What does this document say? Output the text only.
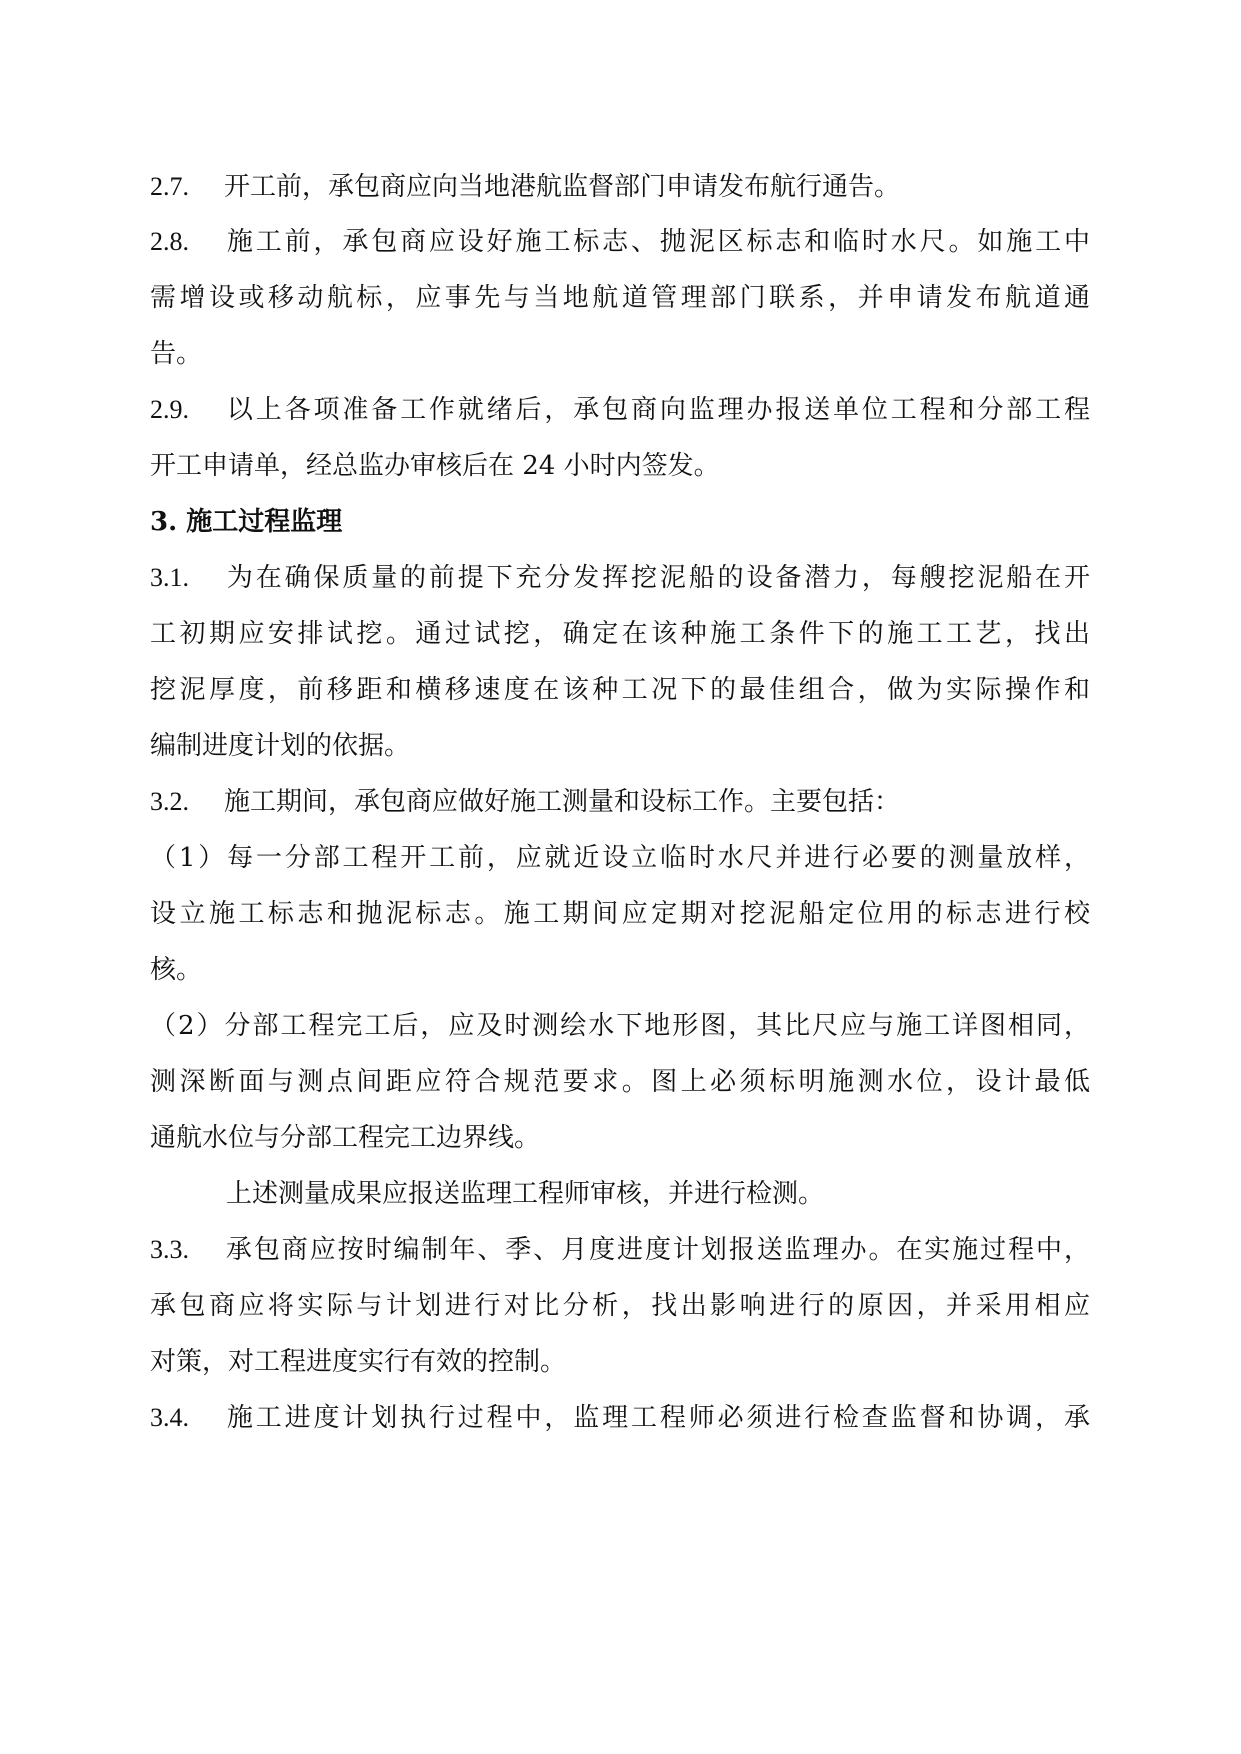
2.7. 开工前，承包商应向当地港航监督部门申请发布航行通告。
2.8. 施工前，承包商应设好施工标志、抛泥区标志和临时水尺。如施工中
需增设或移动航标，应事先与当地航道管理部门联系，并申请发布航道通
告。
2.9. 以上各项准备工作就绪后，承包商向监理办报送单位工程和分部工程
开工申请单，经总监办审核后在 24 小时内签发。
3. 施工过程监理
3.1. 为在确保质量的前提下充分发挥挖泥船的设备潜力，每艘挖泥船在开
工初期应安排试挖。通过试挖，确定在该种施工条件下的施工工艺，找出
挖泥厚度，前移距和横移速度在该种工况下的最佳组合，做为实际操作和
编制进度计划的依据。
3.2. 施工期间，承包商应做好施工测量和设标工作。主要包括：
（1）每一分部工程开工前，应就近设立临时水尺并进行必要的测量放样，
设立施工标志和抛泥标志。施工期间应定期对挖泥船定位用的标志进行校
核。
（2）分部工程完工后，应及时测绘水下地形图，其比尺应与施工详图相同，
测深断面与测点间距应符合规范要求。图上必须标明施测水位，设计最低
通航水位与分部工程完工边界线。
上述测量成果应报送监理工程师审核，并进行检测。
3.3. 承包商应按时编制年、季、月度进度计划报送监理办。在实施过程中，
承包商应将实际与计划进行对比分析，找出影响进行的原因，并采用相应
对策，对工程进度实行有效的控制。
3.4. 施工进度计划执行过程中，监理工程师必须进行检查监督和协调，承
